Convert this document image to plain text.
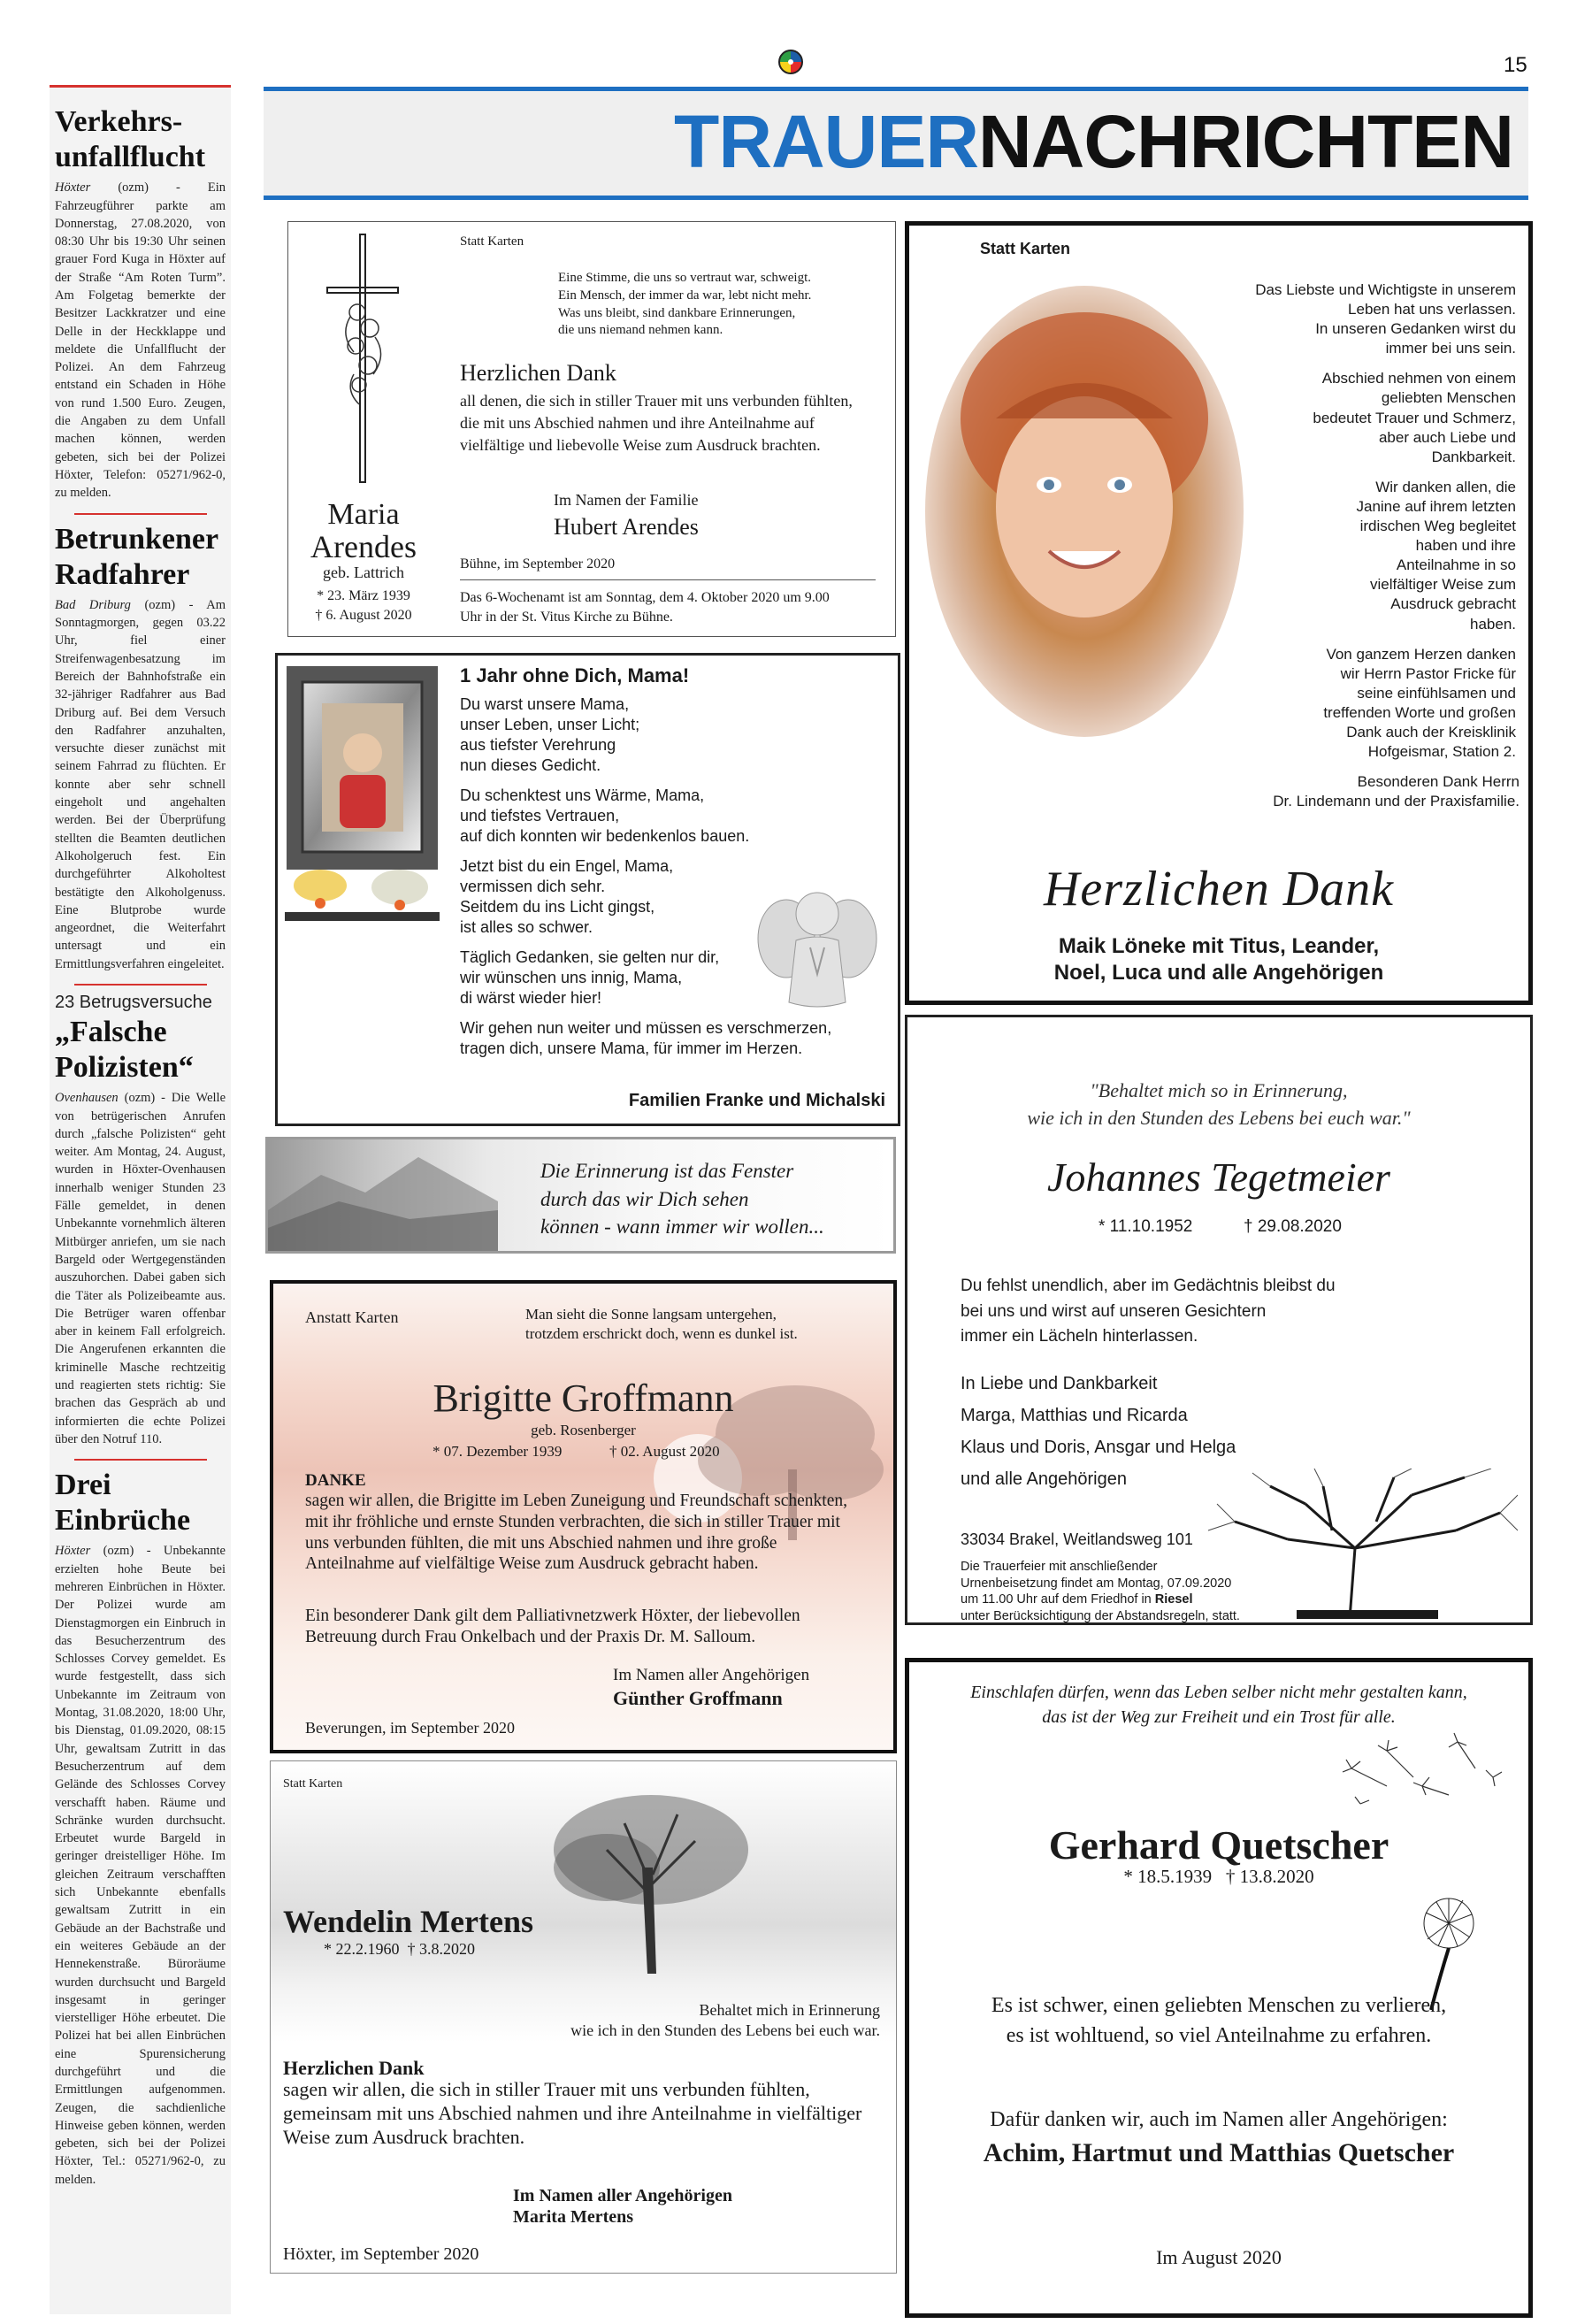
15
TRAUERNACHRICHTEN
Verkehrs-unfallflucht
Höxter (ozm) - Ein Fahrzeugführer parkte am Donnerstag, 27.08.2020, von 08:30 Uhr bis 19:30 Uhr seinen grauer Ford Kuga in Höxter auf der Straße “Am Roten Turm”. Am Folgetag bemerkte der Besitzer Lackkratzer und eine Delle in der Heckklappe und meldete die Unfallflucht der Polizei. An dem Fahrzeug entstand ein Schaden in Höhe von rund 1.500 Euro. Zeugen, die Angaben zu dem Unfall machen können, werden gebeten, sich bei der Polizei Höxter, Telefon: 05271/962-0, zu melden.
Betrunkener Radfahrer
Bad Driburg (ozm) - Am Sonntagmorgen, gegen 03.22 Uhr, fiel einer Streifenwagenbesatzung im Bereich der Bahnhofstraße ein 32-jähriger Radfahrer aus Bad Driburg auf. Bei dem Versuch den Radfahrer anzuhalten, versuchte dieser zunächst mit seinem Fahrrad zu flüchten. Er konnte aber sehr schnell eingeholt und angehalten werden. Bei der Überprüfung stellten die Beamten deutlichen Alkoholgeruch fest. Ein durchgeführter Alkoholtest bestätigte den Alkoholgenuss. Eine Blutprobe wurde angeordnet, die Weiterfahrt untersagt und ein Ermittlungsverfahren eingeleitet.
23 Betrugsversuche
„Falsche Polizisten“
Ovenhausen (ozm) - Die Welle von betrügerischen Anrufen durch „falsche Polizisten“ geht weiter. Am Montag, 24. August, wurden in Höxter-Ovenhausen innerhalb weniger Stunden 23 Fälle gemeldet, in denen Unbekannte vornehmlich älteren Mitbürger anriefen, um sie nach Bargeld oder Wertgegenständen auszuhorchen. Dabei gaben sich die Täter als Polizeibeamte aus. Die Betrüger waren offenbar aber in keinem Fall erfolgreich. Die Angerufenen erkannten die kriminelle Masche rechtzeitig und reagierten stets richtig: Sie brachen das Gespräch ab und informierten die echte Polizei über den Notruf 110.
Drei Einbrüche
Höxter (ozm) - Unbekannte erzielten hohe Beute bei mehreren Einbrüchen in Höxter. Der Polizei wurde am Dienstagmorgen ein Einbruch in das Besucherzentrum des Schlosses Corvey gemeldet. Es wurde festgestellt, dass sich Unbekannte im Zeitraum von Montag, 31.08.2020, 18:00 Uhr, bis Dienstag, 01.09.2020, 08:15 Uhr, gewaltsam Zutritt in das Besucherzentrum auf dem Gelände des Schlosses Corvey verschafft haben. Räume und Schränke wurden durchsucht. Erbeutet wurde Bargeld in geringer dreistelliger Höhe. Im gleichen Zeitraum verschafften sich Unbekannte ebenfalls gewaltsam Zutritt in ein Gebäude an der Bachstraße und ein weiteres Gebäude an der Hennekenstraße. Büroräume wurden durchsucht und Bargeld insgesamt in geringer vierstelliger Höhe erbeutet. Die Polizei hat bei allen Einbrüchen eine Spurensicherung durchgeführt und die Ermittlungen aufgenommen. Zeugen, die sachdienliche Hinweise geben können, werden gebeten, sich bei der Polizei Höxter, Tel.: 05271/962-0, zu melden.
Maria
Arendes
geb. Lattrich
* 23. März 1939
† 6. August 2020
Statt Karten
Eine Stimme, die uns so vertraut war, schweigt.
Ein Mensch, der immer da war, lebt nicht mehr.
Was uns bleibt, sind dankbare Erinnerungen,
die uns niemand nehmen kann.
Herzlichen Dank
all denen, die sich in stiller Trauer mit uns verbunden fühlten, die mit uns Abschied nahmen und ihre Anteilnahme auf vielfältige und liebevolle Weise zum Ausdruck brachten.
Im Namen der Familie
Hubert Arendes
Bühne, im September 2020
Das 6-Wochenamt ist am Sonntag, dem 4. Oktober 2020 um 9.00 Uhr in der St. Vitus Kirche zu Bühne.
1 Jahr ohne Dich, Mama!
Du warst unsere Mama,
unser Leben, unser Licht;
aus tiefster Verehrung
nun dieses Gedicht.
Du schenktest uns Wärme, Mama,
und tiefstes Vertrauen,
auf dich konnten wir bedenkenlos bauen.
Jetzt bist du ein Engel, Mama,
vermissen dich sehr.
Seitdem du ins Licht gingst,
ist alles so schwer.
Täglich Gedanken, sie gelten nur dir,
wir wünschen uns innig, Mama,
di wärst wieder hier!
Wir gehen nun weiter und müssen es verschmerzen,
tragen dich, unsere Mama, für immer im Herzen.
Familien Franke und Michalski
Die Erinnerung ist das Fenster
durch das wir Dich sehen
können - wann immer wir wollen...
Anstatt Karten	Man sieht die Sonne langsam untergehen,
trotzdem erschrickt doch, wenn es dunkel ist.
Brigitte Groffmann
geb. Rosenberger
* 07. Dezember 1939	† 02. August 2020
DANKE
sagen wir allen, die Brigitte im Leben Zuneigung und Freundschaft schenkten, mit ihr fröhliche und ernste Stunden verbrachten, die sich in stiller Trauer mit uns verbunden fühlten, die mit uns Abschied nahmen und ihre große Anteilnahme auf vielfältige Weise zum Ausdruck gebracht haben.
Ein besonderer Dank gilt dem Palliativnetzwerk Höxter, der liebevollen Betreuung durch Frau Onkelbach und der Praxis Dr. M. Salloum.
Im Namen aller Angehörigen
Günther Groffmann
Beverungen, im September 2020
Statt Karten
Wendelin Mertens
* 22.2.1960  † 3.8.2020
Behaltet mich in Erinnerung
wie ich in den Stunden des Lebens bei euch war.
Herzlichen Dank
sagen wir allen, die sich in stiller Trauer mit uns verbunden fühlten, gemeinsam mit uns Abschied nahmen und ihre Anteilnahme in vielfältiger Weise zum Ausdruck brachten.
Im Namen aller Angehörigen
Marita Mertens
Höxter, im September 2020
Statt Karten
Das Liebste und Wichtigste in unserem
Leben hat uns verlassen.
In unseren Gedanken wirst du
immer bei uns sein.
Abschied nehmen von einem
geliebten Menschen
bedeutet Trauer und Schmerz,
aber auch Liebe und
Dankbarkeit.
Wir danken allen, die
Janine auf ihrem letzten
irdischen Weg begleitet
haben und ihre
Anteilnahme in so
vielfältiger Weise zum
Ausdruck gebracht
haben.
Von ganzem Herzen danken
wir Herrn Pastor Fricke für
seine einfühlsamen und
treffenden Worte und großen
Dank auch der Kreisklinik
Hofgeismar, Station 2.
Besonderen Dank Herrn
Dr. Lindemann und der Praxisfamilie.
Herzlichen Dank
Maik Löneke mit Titus, Leander,
Noel, Luca und alle Angehörigen
"Behaltet mich so in Erinnerung,
wie ich in den Stunden des Lebens bei euch war."
Johannes Tegetmeier
* 11.10.1952	† 29.08.2020
Du fehlst unendlich, aber im Gedächtnis bleibst du
bei uns und wirst auf unseren Gesichtern
immer ein Lächeln hinterlassen.
In Liebe und Dankbarkeit
Marga, Matthias und Ricarda
Klaus und Doris, Ansgar und Helga
und alle Angehörigen
33034 Brakel, Weitlandsweg 101
Die Trauerfeier mit anschließender
Urnenbeisetzung findet am Montag, 07.09.2020
um 11.00 Uhr auf dem Friedhof in Riesel
unter Berücksichtigung der Abstandsregeln, statt.
Einschlafen dürfen, wenn das Leben selber nicht mehr gestalten kann,
das ist der Weg zur Freiheit und ein Trost für alle.
Gerhard Quetscher
* 18.5.1939   † 13.8.2020
Es ist schwer, einen geliebten Menschen zu verlieren,
es ist wohltuend, so viel Anteilnahme zu erfahren.
Dafür danken wir, auch im Namen aller Angehörigen:
Achim, Hartmut und Matthias Quetscher
Im August 2020
